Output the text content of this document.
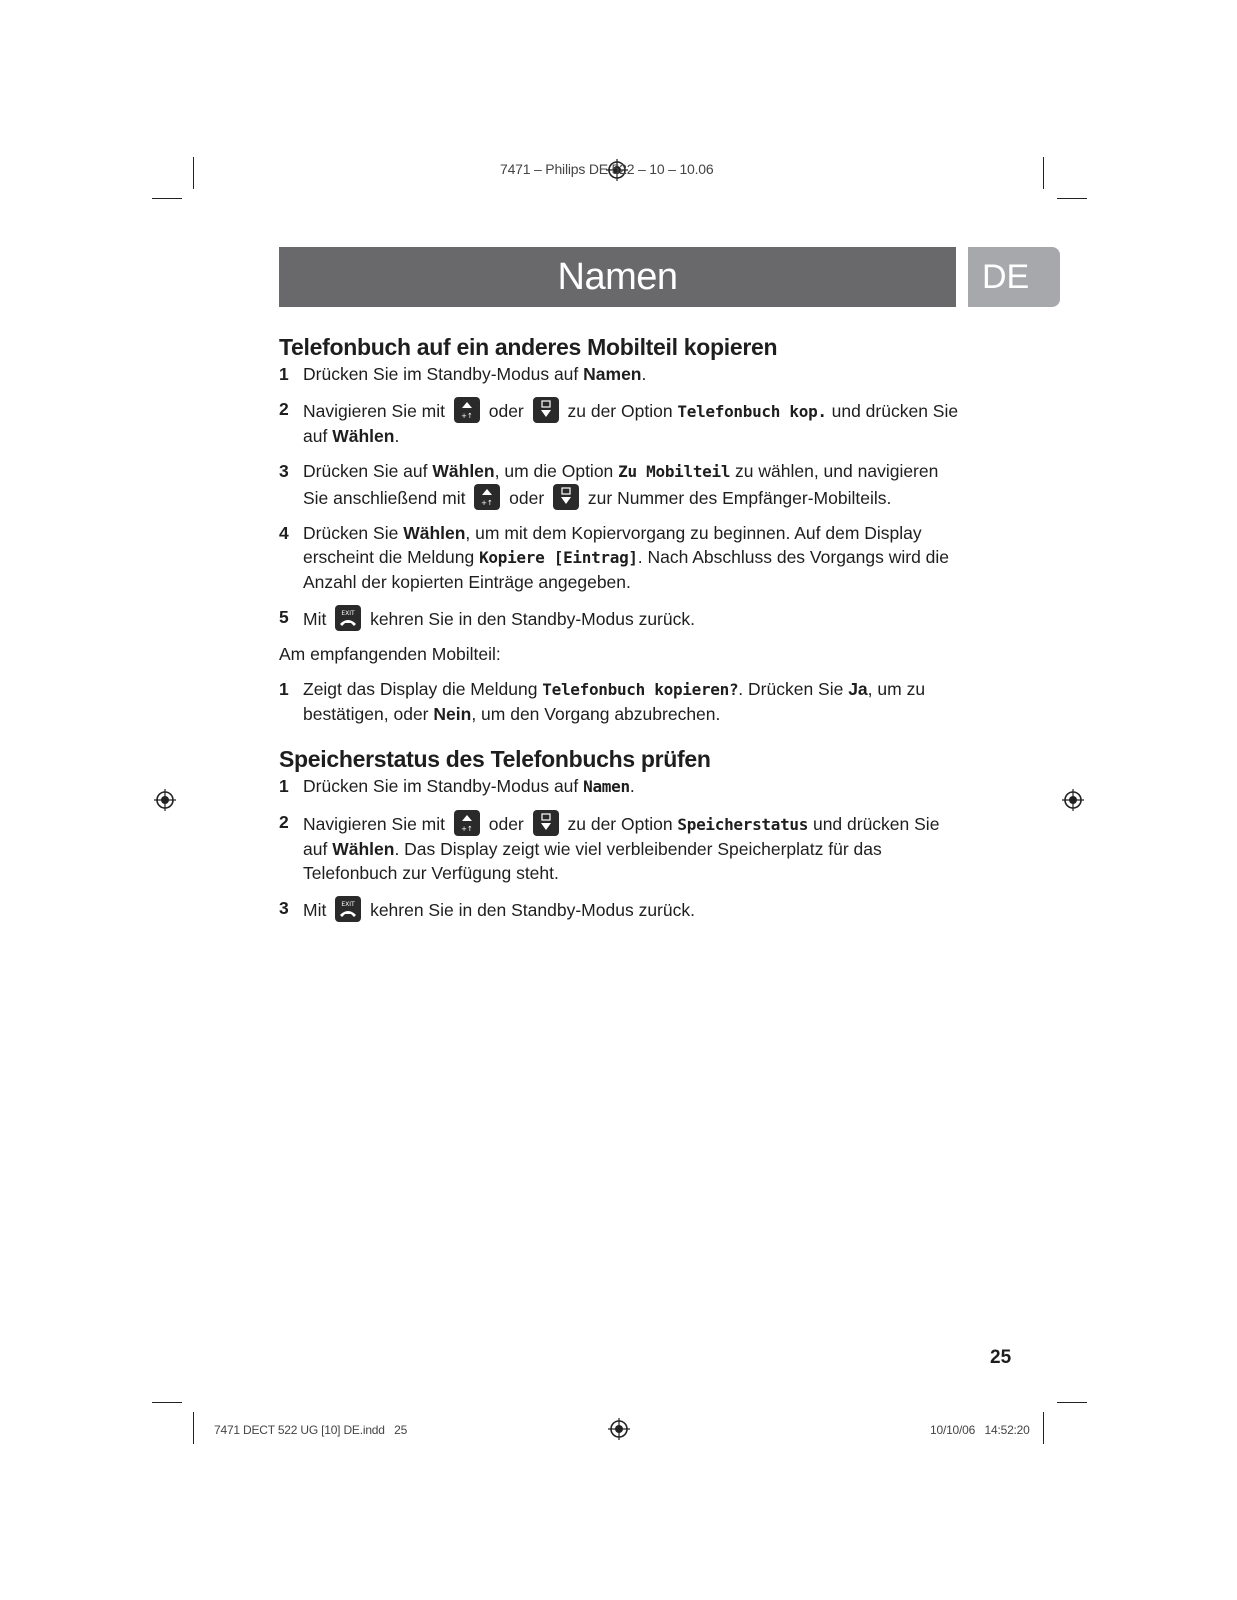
7471 – Philips DE 522 – 10 – 10.06
Namen	DE
Telefonbuch auf ein anderes Mobilteil kopieren
1 Drücken Sie im Standby-Modus auf Namen.
2 Navigieren Sie mit +↑ oder
zu der Option Telefonbuch kop. und drücken Sie auf Wählen.
3 Drücken Sie auf Wählen, um die Option Zu Mobilteil zu wählen, und navigieren Sie anschließend mit +↑ oder
zur Nummer des Empfänger-Mobilteils.
4 Drücken Sie Wählen, um mit dem Kopiervorgang zu beginnen. Auf dem Display erscheint die Meldung Kopiere [Eintrag]. Nach Abschluss des Vorgangs wird die Anzahl der kopierten Einträge angegeben.
5 Mit EXIT kehren Sie in den Standby-Modus zurück.

Am empfangenden Mobilteil:

1 Zeigt das Display die Meldung Telefonbuch kopieren?. Drücken Sie Ja, um zu bestätigen, oder Nein, um den Vorgang abzubrechen.
Speicherstatus des Telefonbuchs prüfen
1 Drücken Sie im Standby-Modus auf Namen.
2 Navigieren Sie mit +↑ oder
zu der Option Speicherstatus und drücken Sie auf Wählen. Das Display zeigt wie viel verbleibender Speicherplatz für das Telefonbuch zur Verfügung steht.
3 Mit EXIT kehren Sie in den Standby-Modus zurück.
25
7471 DECT 522 UG [10] DE.indd   25	10/10/06   14:52:20
